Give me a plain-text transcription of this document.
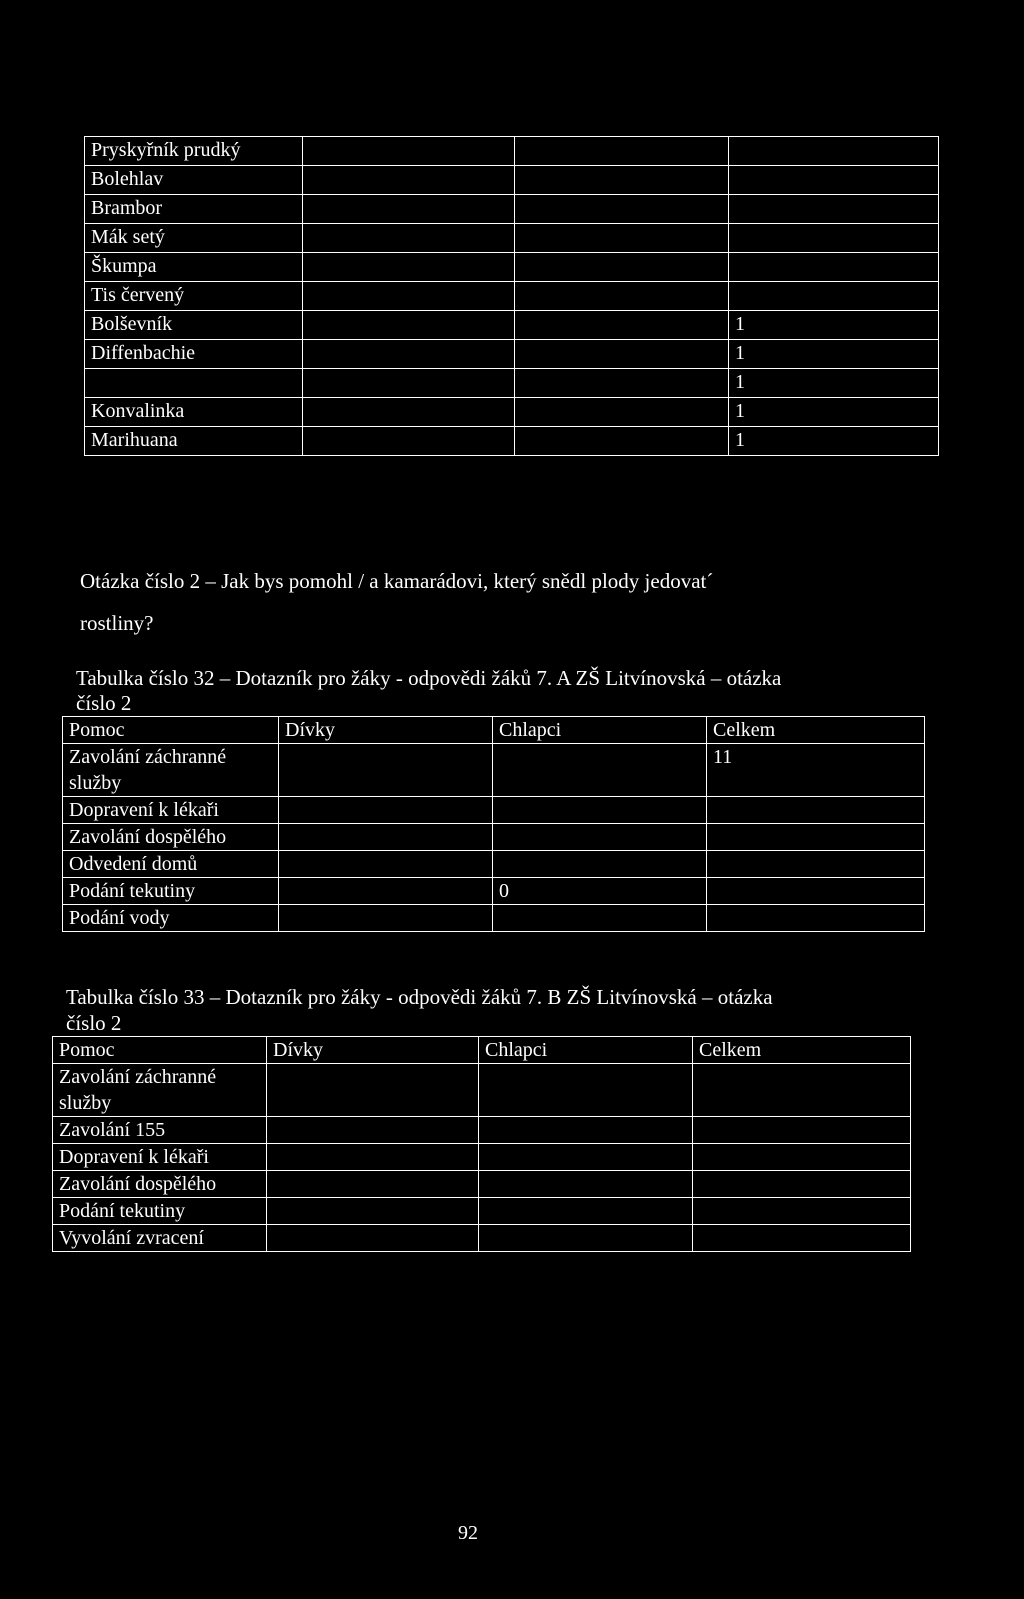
Pryskyřník prudký			
Bolehlav			
Brambor			
Mák setý			
Škumpa			
Tis červený			
Bolševník			1
Diffenbachie			1
			1
Konvalinka			1
Marihuana			1
Otázka číslo 2 – Jak bys pomohl / a kamarádovi, který snědl plody jedovat´
rostliny?
Tabulka číslo 32 – Dotazník pro žáky - odpovědi žáků 7. A ZŠ Litvínovská – otázka
číslo 2
Pomoc	Dívky	Chlapci	Celkem
Zavolání záchranné služby			11
Dopravení k lékaři			
Zavolání dospělého			
Odvedení domů			
Podání tekutiny		0	
Podání vody			
Tabulka číslo 33 – Dotazník pro žáky - odpovědi žáků 7. B ZŠ Litvínovská – otázka
číslo 2
Pomoc	Dívky	Chlapci	Celkem
Zavolání záchranné služby			
Zavolání 155			
Dopravení k lékaři			
Zavolání dospělého			
Podání tekutiny			
Vyvolání zvracení			
92
